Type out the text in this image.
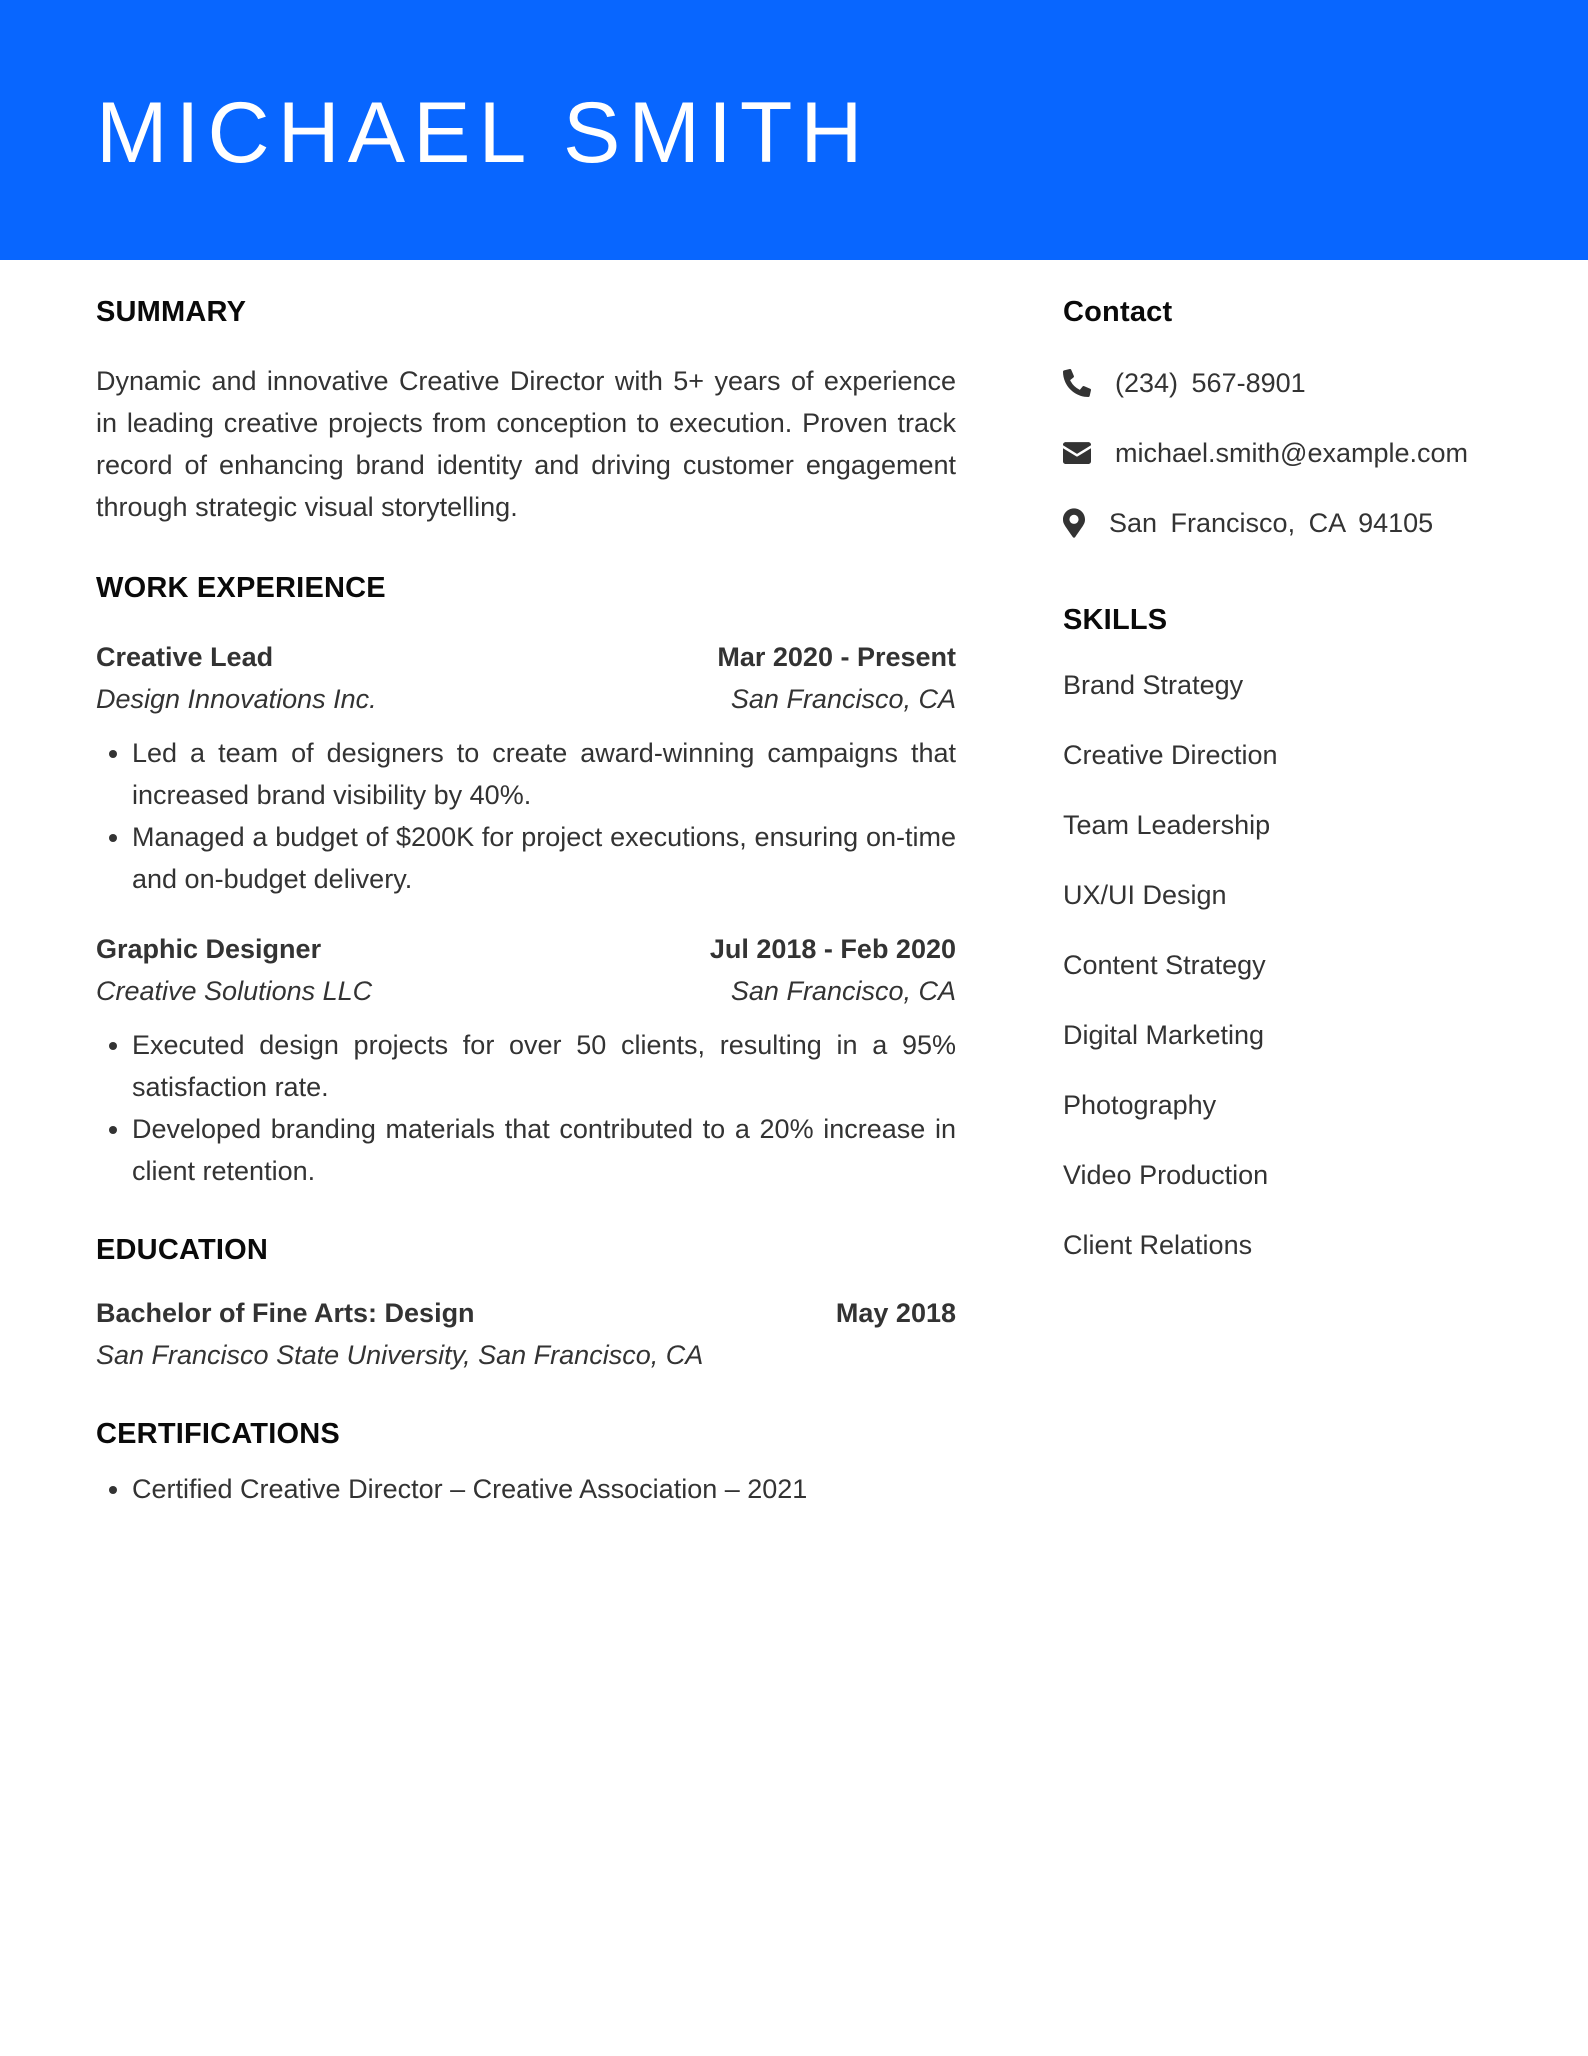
MICHAEL SMITH
SUMMARY

Dynamic and innovative Creative Director with 5+ years of experience in leading creative projects from conception to execution. Proven track record of enhancing brand identity and driving customer engagement through strategic visual storytelling.

WORK EXPERIENCE
Creative Lead	Mar 2020 - Present
Design Innovations Inc.	San Francisco, CA
• Led a team of designers to create award-winning campaigns that increased brand visibility by 40%.
• Managed a budget of $200K for project executions, ensuring on-time and on-budget delivery.
Graphic Designer	Jul 2018 - Feb 2020
Creative Solutions LLC	San Francisco, CA
• Executed design projects for over 50 clients, resulting in a 95% satisfaction rate.
• Developed branding materials that contributed to a 20% increase in client retention.
EDUCATION
Bachelor of Fine Arts: Design	May 2018
San Francisco State University, San Francisco, CA
CERTIFICATIONS
• Certified Creative Director – Creative Association – 2021
Contact
(234) 567-8901
michael.smith@example.com
San Francisco, CA 94105
SKILLS
Brand Strategy
Creative Direction
Team Leadership
UX/UI Design
Content Strategy
Digital Marketing
Photography
Video Production
Client Relations
